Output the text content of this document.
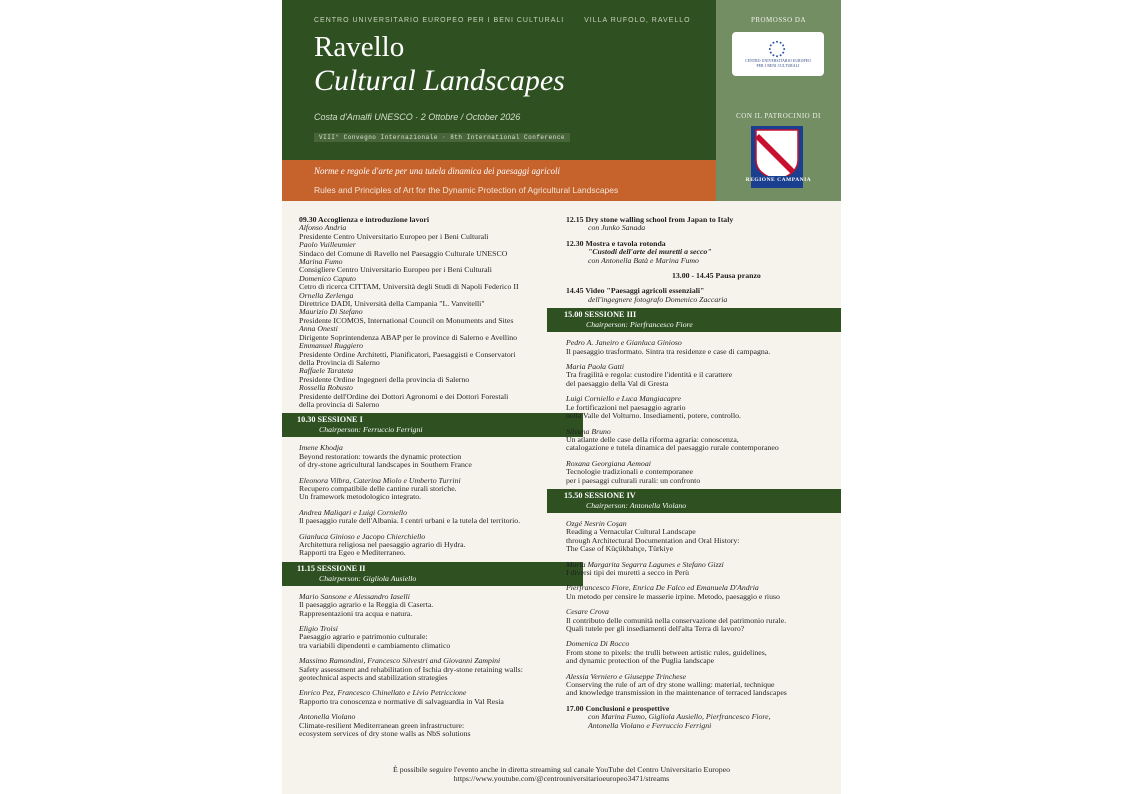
CENTRO UNIVERSITARIO EUROPEO PER I BENI CULTURALI	VILLA RUFOLO, RAVELLO
Ravello
Cultural Landscapes
Costa d'Amalfi UNESCO · 2 Ottobre / October 2026
VIII° Convegno Internazionale · 8th International Conference
Norme e regole d'arte per una tutela dinamica dei paesaggi agricoli
Rules and Principles of Art for the Dynamic Protection of Agricultural Landscapes
PROMOSSO DA
CENTRO UNIVERSITARIO EUROPEO
PER I BENI CULTURALI
CON IL PATROCINIO DI
REGIONE CAMPANIA
09.30 Accoglienza e introduzione lavori
Alfonso Andria
Presidente Centro Universitario Europeo per i Beni Culturali
Paolo Vuilleumier
Sindaco del Comune di Ravello nel Paesaggio Culturale UNESCO
Marina Fumo
Consigliere Centro Universitario Europeo per i Beni Culturali
Domenico Caputo
Cetro di ricerca CITTAM, Università degli Studi di Napoli Federico II
Ornella Zerlenga
Direttrice DADI, Università della Campania "L. Vanvitelli"
Maurizio Di Stefano
Presidente ICOMOS, International Council on Monuments and Sites
Anna Onesti
Dirigente Soprintendenza ABAP per le province di Salerno e Avellino
Emmanuel Ruggiero
Presidente Ordine Architetti, Pianificatori, Paesaggisti e Conservatori
della Provincia di Salerno
Raffaele Tarateta
Presidente Ordine Ingegneri della provincia di Salerno
Rossella Robusto
Presidente dell'Ordine dei Dottori Agronomi e dei Dottori Forestali
della provincia di Salerno
10.30 SESSIONE I
Chairperson: Ferruccio Ferrigni
Imene Khodja
Beyond restoration: towards the dynamic protection
of dry-stone agricultural landscapes in Southern France
Eleonora Vilbra, Caterina Miolo e Umberto Turrini
Recupero compatibile delle cantine rurali storiche.
Un framework metodologico integrato.
Andrea Maliqari e Luigi Corniello
Il paesaggio rurale dell'Albania. I centri urbani e la tutela del territorio.
Gianluca Ginioso e Jacopo Chierchiello
Architettura religiosa nel paesaggio agrario di Hydra.
Rapporti tra Egeo e Mediterraneo.
11.15 SESSIONE II
Chairperson: Gigliola Ausiello
Mario Sansone e Alessandro Iaselli
Il paesaggio agrario e la Reggia di Caserta.
Rappresentazioni tra acqua e natura.
Eligio Troisi
Paesaggio agrario e patrimonio culturale:
tra variabili dipendenti e cambiamento climatico
Massimo Ramondini, Francesco Silvestri and Giovanni Zampini
Safety assessment and rehabilitation of Ischia dry-stone retaining walls:
geotechnical aspects and stabilization strategies
Enrico Pez, Francesco Chinellato e Livio Petriccione
Rapporto tra conoscenza e normative di salvaguardia in Val Resia
Antonella Violano
Climate-resilient Mediterranean green infrastructure:
ecosystem services of dry stone walls as NbS solutions
12.15 Dry stone walling school from Japan to Italy
con Junko Sanada
12.30 Mostra e tavola rotonda
"Custodi dell'arte dei muretti a secco"
con Antonella Batà e Marina Fumo
13.00 - 14.45 Pausa pranzo
14.45 Video "Paesaggi agricoli essenziali"
dell'ingegnere fotografo Domenico Zaccaria
15.00 SESSIONE III
Chairperson: Pierfrancesco Fiore
Pedro A. Janeiro e Gianluca Ginioso
Il paesaggio trasformato. Sintra tra residenze e case di campagna.
Maria Paola Gatti
Tra fragilità e regola: custodire l'identità e il carattere
del paesaggio della Val di Gresta
Luigi Corniello e Luca Mangiacapre
Le fortificazioni nel paesaggio agrario
nella Valle del Volturno. Insediamenti, potere, controllo.
Silvana Bruno
Un atlante delle case della riforma agraria: conoscenza,
catalogazione e tutela dinamica del paesaggio rurale contemporaneo
Roxana Georgiana Aemoai
Tecnologie tradizionali e contemporanee
per i paesaggi culturali rurali: un confronto
15.50 SESSIONE IV
Chairperson: Antonella Violano
Ozgé Nesrin Coşan
Reading a Vernacular Cultural Landscape
through Architectural Documentation and Oral History:
The Case of Küçükbahçe, Türkiye
Maria Margarita Segarra Lagunes e Stefano Gizzi
I diversi tipi dei muretti a secco in Perù
Pierfrancesco Fiore, Enrica De Falco ed Emanuela D'Andria
Un metodo per censire le masserie irpine. Metodo, paesaggio e riuso
Cesare Crova
Il contributo delle comunità nella conservazione del patrimonio rurale.
Quali tutele per gli insediamenti dell'alta Terra di lavoro?
Domenica Di Rocco
From stone to pixels: the trulli between artistic rules, guidelines,
and dynamic protection of the Puglia landscape
Alessia Verniero e Giuseppe Trinchese
Conserving the rule of art of dry stone walling: material, technique
and knowledge transmission in the maintenance of terraced landscapes
17.00 Conclusioni e prospettive
con Marina Fumo, Gigliola Ausiello, Pierfrancesco Fiore,
Antonella Violano e Ferruccio Ferrigni
È possibile seguire l'evento anche in diretta streaming sul canale YouTube del Centro Universitario Europeo
https://www.youtube.com/@centrouniversitarioeuropeo3471/streams
